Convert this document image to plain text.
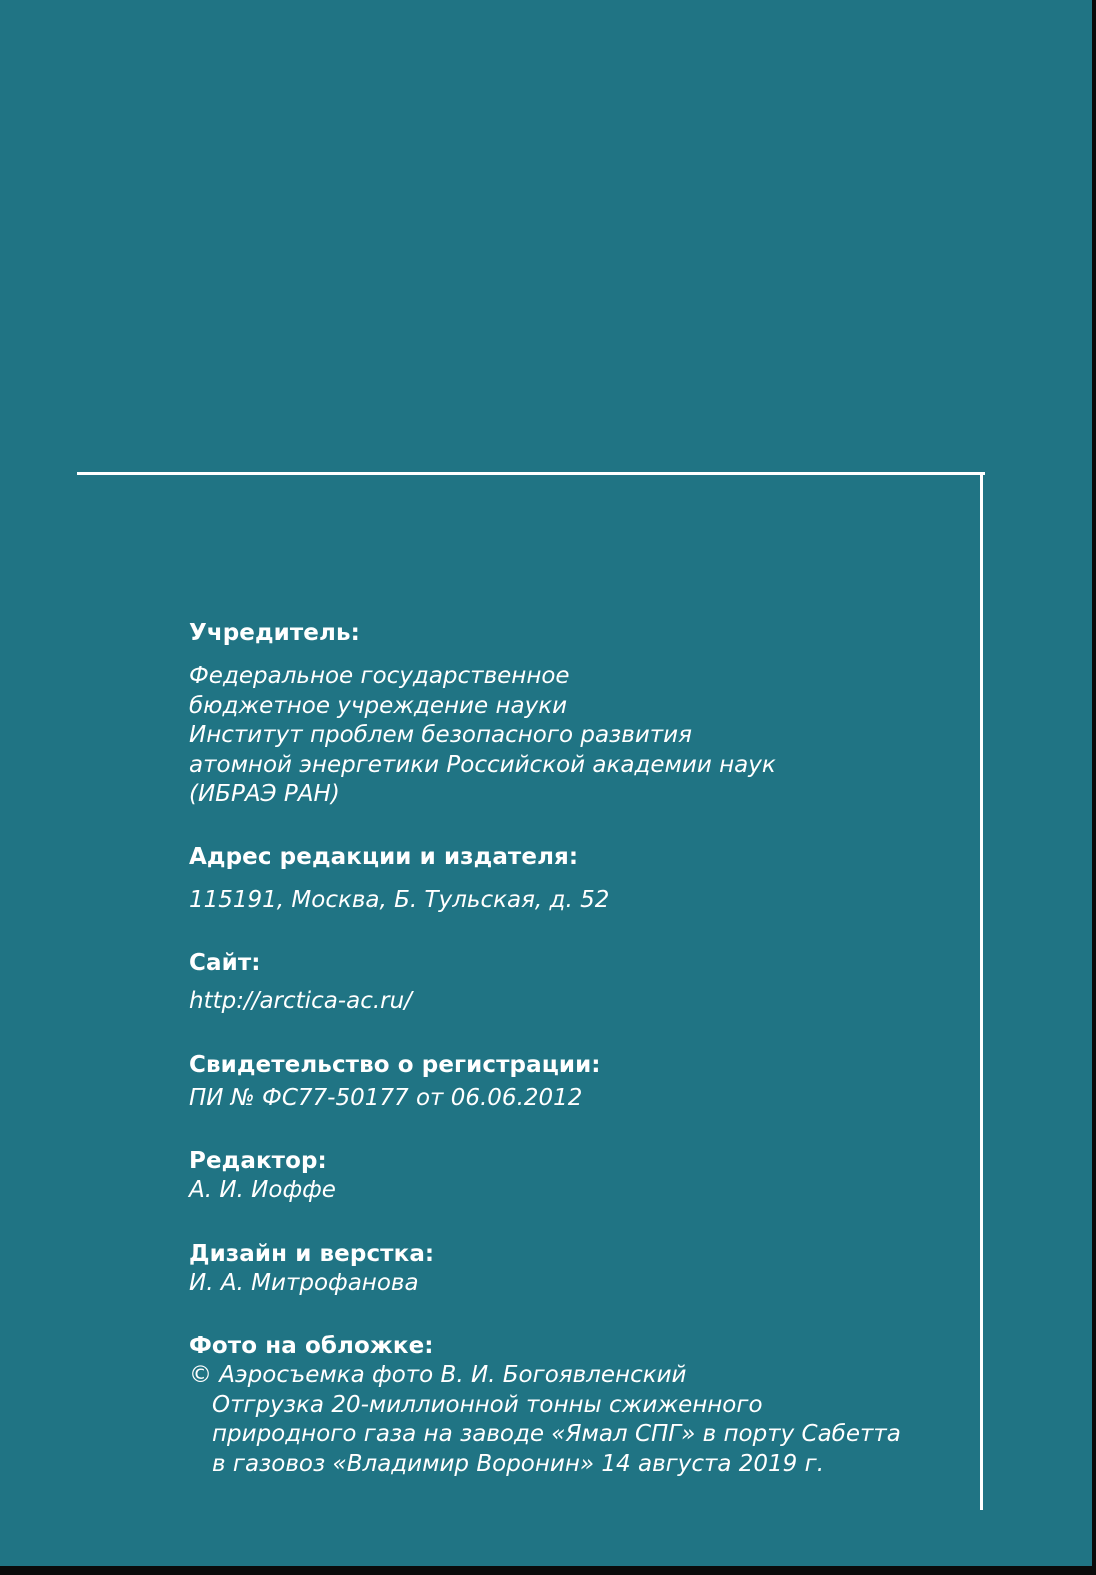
Учредитель:
Федеральное государственное
бюджетное учреждение науки
Институт проблем безопасного развития
атомной энергетики Российской академии наук
(ИБРАЭ РАН)
Адрес редакции и издателя:
115191, Москва, Б. Тульская, д. 52
Сайт:
http://arctica-ac.ru/
Свидетельство о регистрации:
ПИ № ФС77-50177 от 06.06.2012
Редактор:
А. И. Иоффе
Дизайн и верстка:
И. А. Митрофанова
Фото на обложке:
© Аэросъемка фото В. И. Богоявленский
Отгрузка 20-миллионной тонны сжиженного
природного газа на заводе «Ямал СПГ» в порту Сабетта
в газовоз «Владимир Воронин» 14 августа 2019 г.
